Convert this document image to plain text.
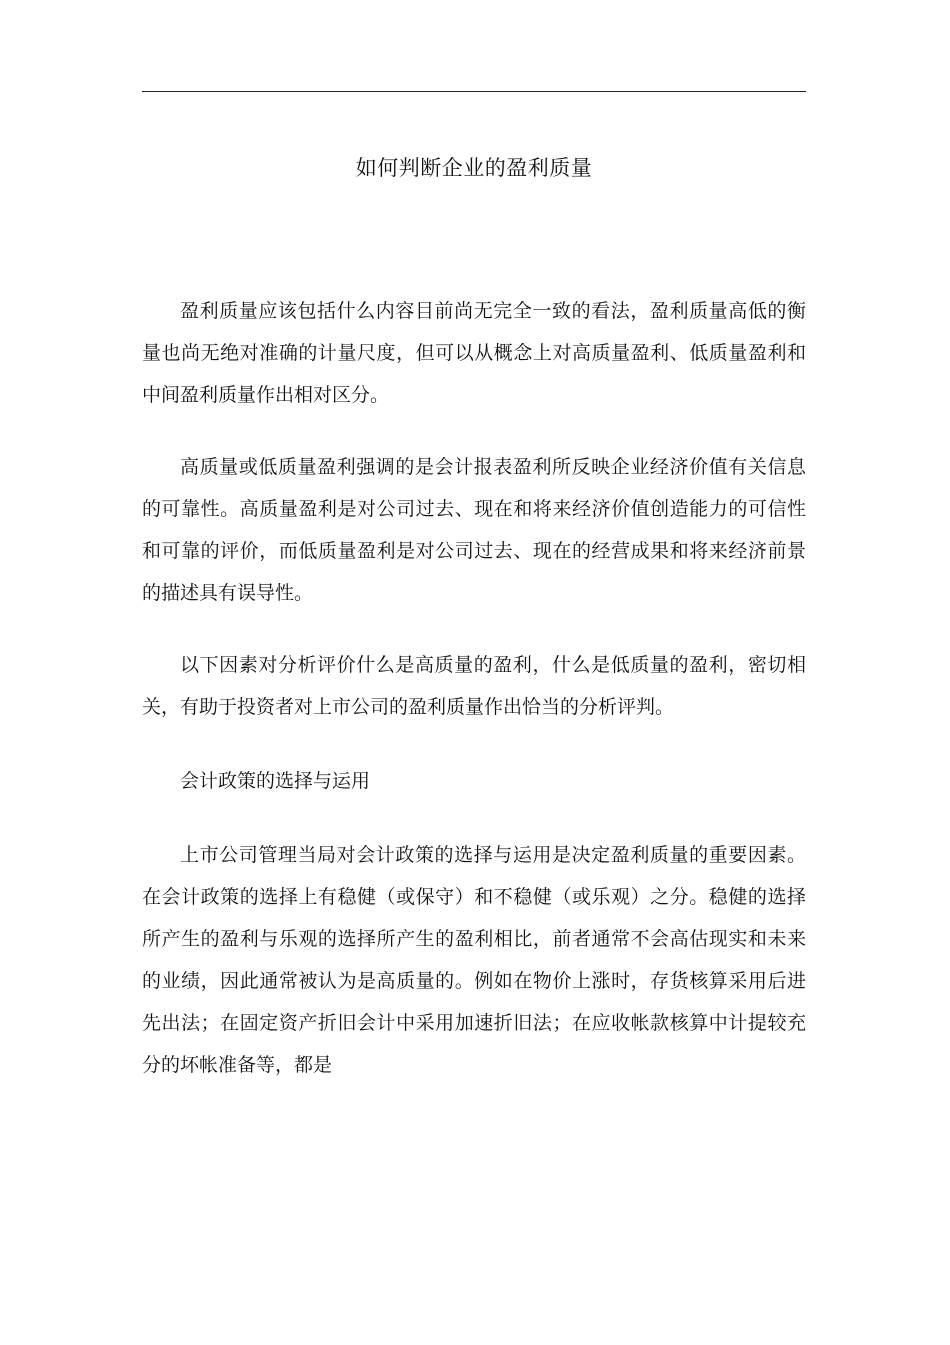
如何判断企业的盈利质量

盈利质量应该包括什么内容目前尚无完全一致的看法，盈利质量高低的衡量也尚无绝对准确的计量尺度，但可以从概念上对高质量盈利、低质量盈利和中间盈利质量作出相对区分。

高质量或低质量盈利强调的是会计报表盈利所反映企业经济价值有关信息的可靠性。高质量盈利是对公司过去、现在和将来经济价值创造能力的可信性和可靠的评价，而低质量盈利是对公司过去、现在的经营成果和将来经济前景的描述具有误导性。

以下因素对分析评价什么是高质量的盈利，什么是低质量的盈利，密切相关，有助于投资者对上市公司的盈利质量作出恰当的分析评判。

会计政策的选择与运用

上市公司管理当局对会计政策的选择与运用是决定盈利质量的重要因素。在会计政策的选择上有稳健（或保守）和不稳健（或乐观）之分。稳健的选择所产生的盈利与乐观的选择所产生的盈利相比，前者通常不会高估现实和未来的业绩，因此通常被认为是高质量的。例如在物价上涨时，存货核算采用后进先出法；在固定资产折旧会计中采用加速折旧法；在应收帐款核算中计提较充分的坏帐准备等，都是
